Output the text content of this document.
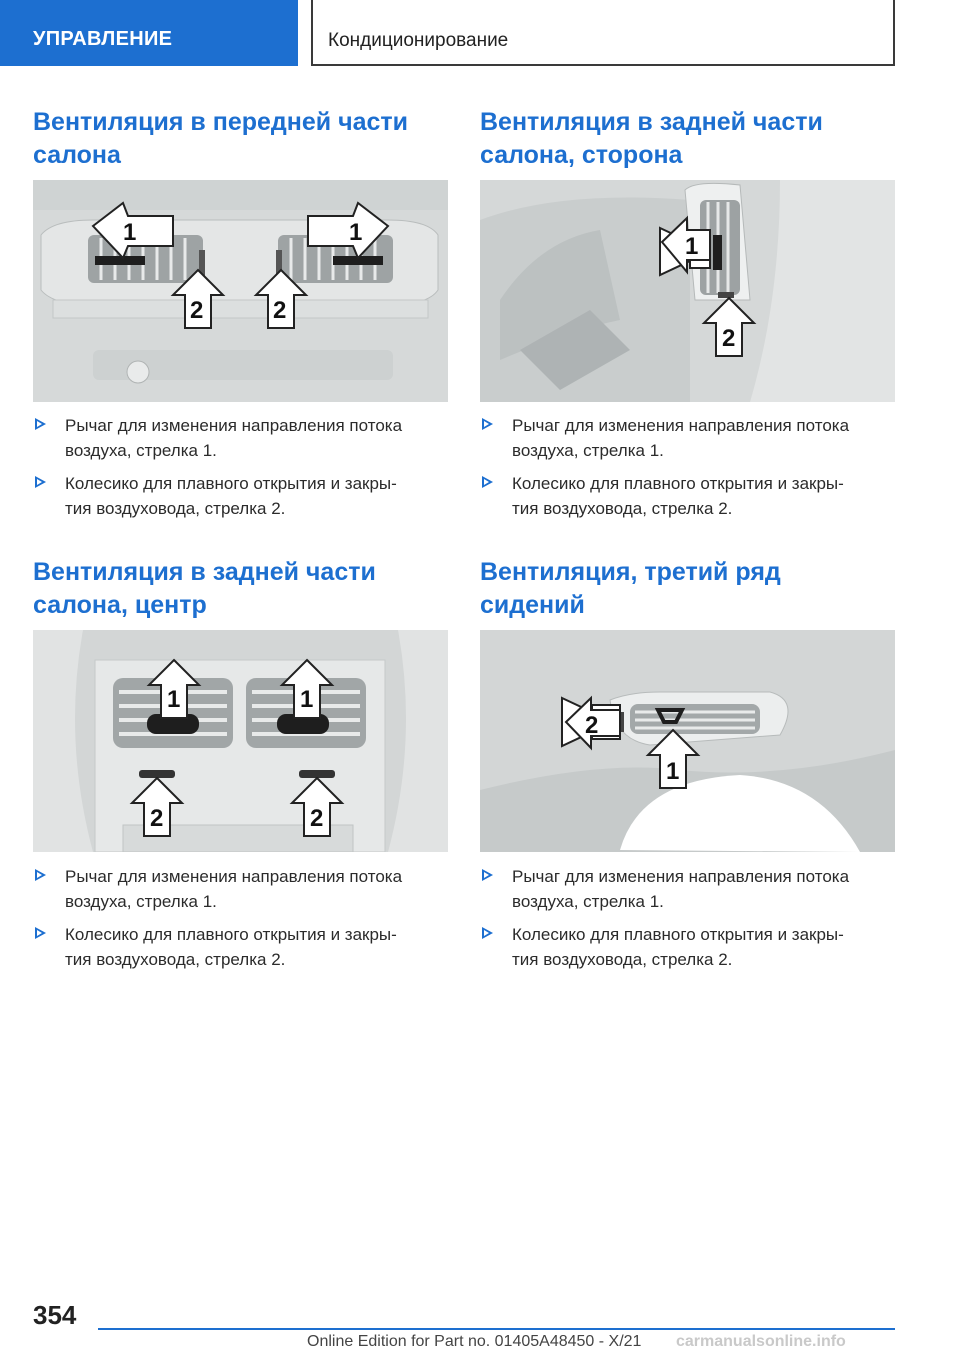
УПРАВЛЕНИЕ	Кондиционирование
Вентиляция в передней части
салона
1	1
2	2
Рычаг для изменения направления потока
воздуха, стрелка 1.
Колесико для плавного открытия и закры‐
тия воздуховода, стрелка 2.
Вентиляция в задней части
салона, центр
1	1
2	2
Рычаг для изменения направления потока
воздуха, стрелка 1.
Колесико для плавного открытия и закры‐
тия воздуховода, стрелка 2.
Вентиляция в задней части
салона, сторона
1
2
Рычаг для изменения направления потока
воздуха, стрелка 1.
Колесико для плавного открытия и закры‐
тия воздуховода, стрелка 2.
Вентиляция, третий ряд
сидений
2
1
Рычаг для изменения направления потока
воздуха, стрелка 1.
Колесико для плавного открытия и закры‐
тия воздуховода, стрелка 2.
354
Online Edition for Part no. 01405A48450 - X/21 carmanualsonline.info
